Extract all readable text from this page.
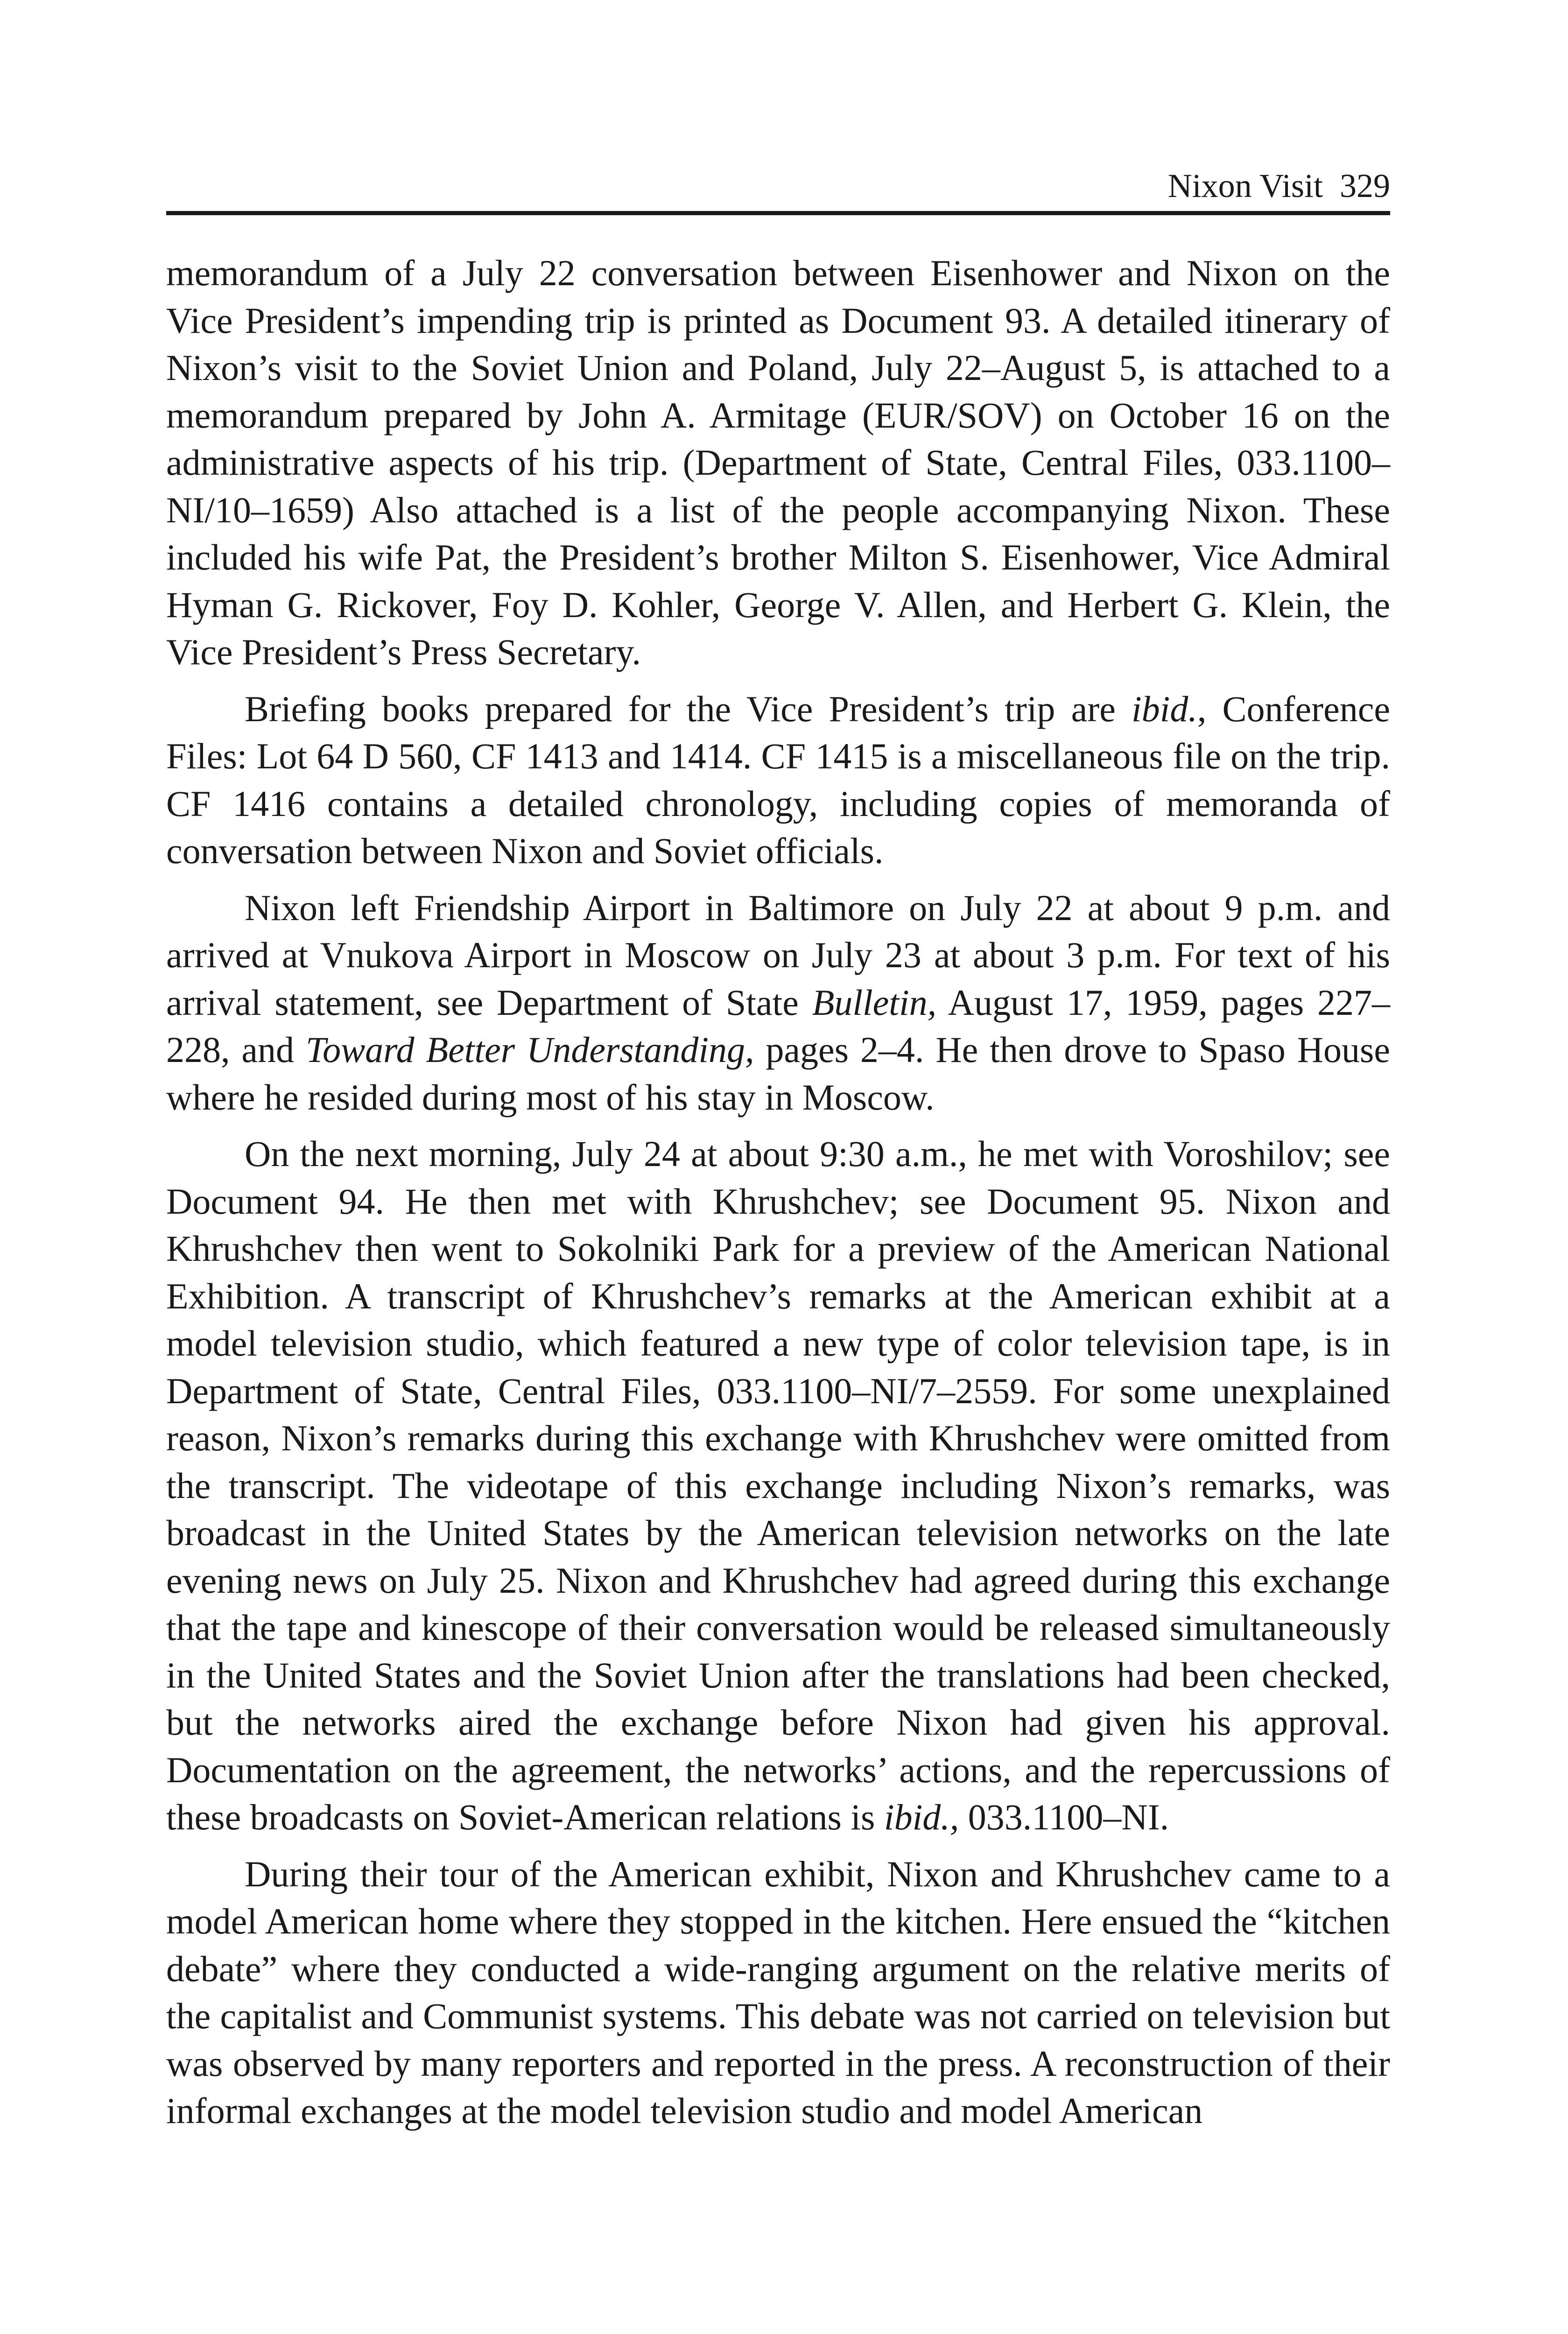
Nixon Visit 329

memorandum of a July 22 conversation between Eisenhower and Nixon on the Vice President’s impending trip is printed as Document 93. A detailed itinerary of Nixon’s visit to the Soviet Union and Poland, July 22–August 5, is attached to a memorandum prepared by John A. Armitage (EUR/SOV) on October 16 on the administrative aspects of his trip. (Department of State, Central Files, 033.1100–NI/10–1659) Also attached is a list of the people accompanying Nixon. These included his wife Pat, the President’s brother Milton S. Eisenhower, Vice Admiral Hyman G. Rickover, Foy D. Kohler, George V. Allen, and Herbert G. Klein, the Vice President’s Press Secretary.

Briefing books prepared for the Vice President’s trip are ibid., Conference Files: Lot 64 D 560, CF 1413 and 1414. CF 1415 is a miscellaneous file on the trip. CF 1416 contains a detailed chronology, including copies of memoranda of conversation between Nixon and Soviet officials.

Nixon left Friendship Airport in Baltimore on July 22 at about 9 p.m. and arrived at Vnukova Airport in Moscow on July 23 at about 3 p.m. For text of his arrival statement, see Department of State Bulletin, August 17, 1959, pages 227–228, and Toward Better Understanding, pages 2–4. He then drove to Spaso House where he resided during most of his stay in Moscow.

On the next morning, July 24 at about 9:30 a.m., he met with Voroshilov; see Document 94. He then met with Khrushchev; see Document 95. Nixon and Khrushchev then went to Sokolniki Park for a preview of the American National Exhibition. A transcript of Khrushchev’s remarks at the American exhibit at a model television studio, which featured a new type of color television tape, is in Department of State, Central Files, 033.1100–NI/7–2559. For some unexplained reason, Nixon’s remarks during this exchange with Khrushchev were omitted from the transcript. The videotape of this exchange including Nixon’s remarks, was broadcast in the United States by the American television networks on the late evening news on July 25. Nixon and Khrushchev had agreed during this exchange that the tape and kinescope of their conversation would be released simultaneously in the United States and the Soviet Union after the translations had been checked, but the networks aired the exchange before Nixon had given his approval. Documentation on the agreement, the networks’ actions, and the repercussions of these broadcasts on Soviet-American relations is ibid., 033.1100–NI.

During their tour of the American exhibit, Nixon and Khrushchev came to a model American home where they stopped in the kitchen. Here ensued the “kitchen debate” where they conducted a wide-ranging argument on the relative merits of the capitalist and Communist systems. This debate was not carried on television but was observed by many reporters and reported in the press. A reconstruction of their informal exchanges at the model television studio and model American
